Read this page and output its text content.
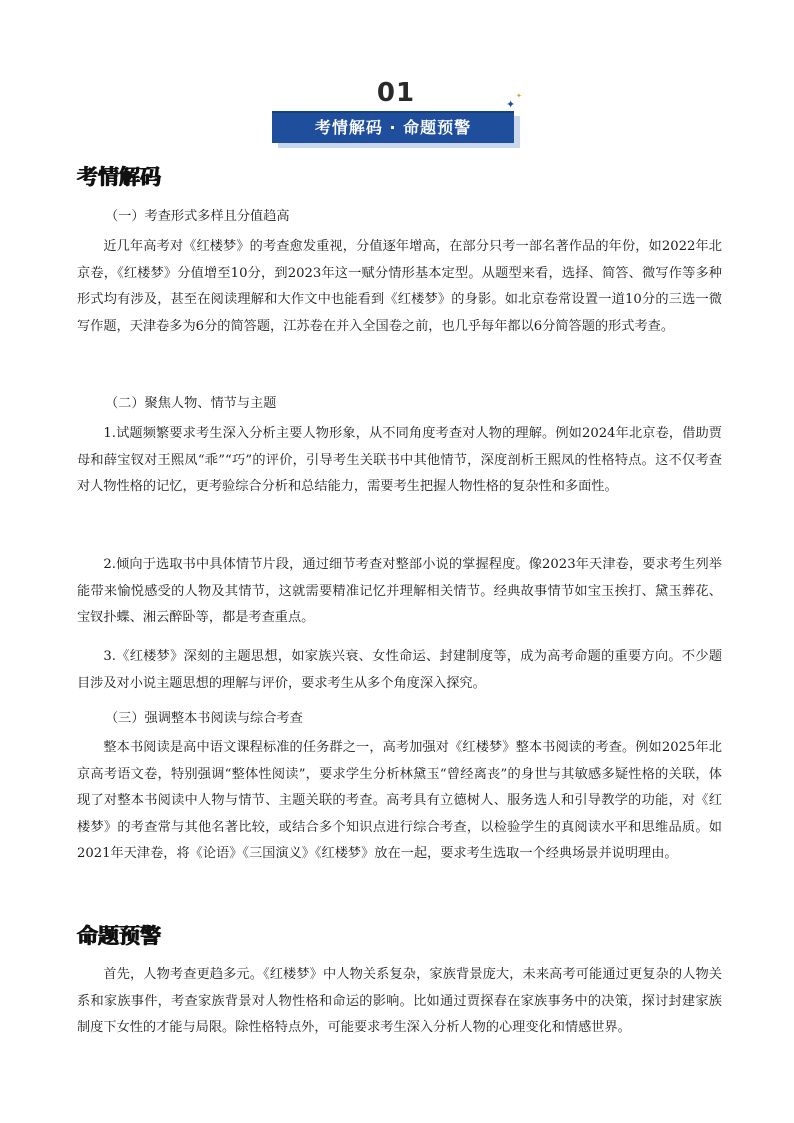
01
考情解码 · 命题预警
✦
✦
考情解码
（一）考查形式多样且分值趋高

近几年高考对《红楼梦》的考查愈发重视，分值逐年增高，在部分只考一部名著作品的年份，如2022年北京卷，《红楼梦》分值增至10分，到2023年这一赋分情形基本定型。从题型来看，选择、简答、微写作等多种形式均有涉及，甚至在阅读理解和大作文中也能看到《红楼梦》的身影。如北京卷常设置一道10分的三选一微写作题，天津卷多为6分的简答题，江苏卷在并入全国卷之前，也几乎每年都以6分简答题的形式考查。

（二）聚焦人物、情节与主题

1.试题频繁要求考生深入分析主要人物形象，从不同角度考查对人物的理解。例如2024年北京卷，借助贾母和薛宝钗对王熙凤“乖”“巧”的评价，引导考生关联书中其他情节，深度剖析王熙凤的性格特点。这不仅考查对人物性格的记忆，更考验综合分析和总结能力，需要考生把握人物性格的复杂性和多面性。

2.倾向于选取书中具体情节片段，通过细节考查对整部小说的掌握程度。像2023年天津卷，要求考生列举能带来愉悦感受的人物及其情节，这就需要精准记忆并理解相关情节。经典故事情节如宝玉挨打、黛玉葬花、宝钗扑蝶、湘云醉卧等，都是考查重点。

3.《红楼梦》深刻的主题思想，如家族兴衰、女性命运、封建制度等，成为高考命题的重要方向。不少题目涉及对小说主题思想的理解与评价，要求考生从多个角度深入探究。

（三）强调整本书阅读与综合考查

整本书阅读是高中语文课程标准的任务群之一，高考加强对《红楼梦》整本书阅读的考查。例如2025年北京高考语文卷，特别强调“整体性阅读”，要求学生分析林黛玉“曾经离丧”的身世与其敏感多疑性格的关联，体现了对整本书阅读中人物与情节、主题关联的考查。高考具有立德树人、服务选人和引导教学的功能，对《红楼梦》的考查常与其他名著比较，或结合多个知识点进行综合考查，以检验学生的真阅读水平和思维品质。如2021年天津卷，将《论语》《三国演义》《红楼梦》放在一起，要求考生选取一个经典场景并说明理由。

命题预警

首先，人物考查更趋多元。《红楼梦》中人物关系复杂，家族背景庞大，未来高考可能通过更复杂的人物关系和家族事件，考查家族背景对人物性格和命运的影响。比如通过贾探春在家族事务中的决策，探讨封建家族制度下女性的才能与局限。除性格特点外，可能要求考生深入分析人物的心理变化和情感世界。
